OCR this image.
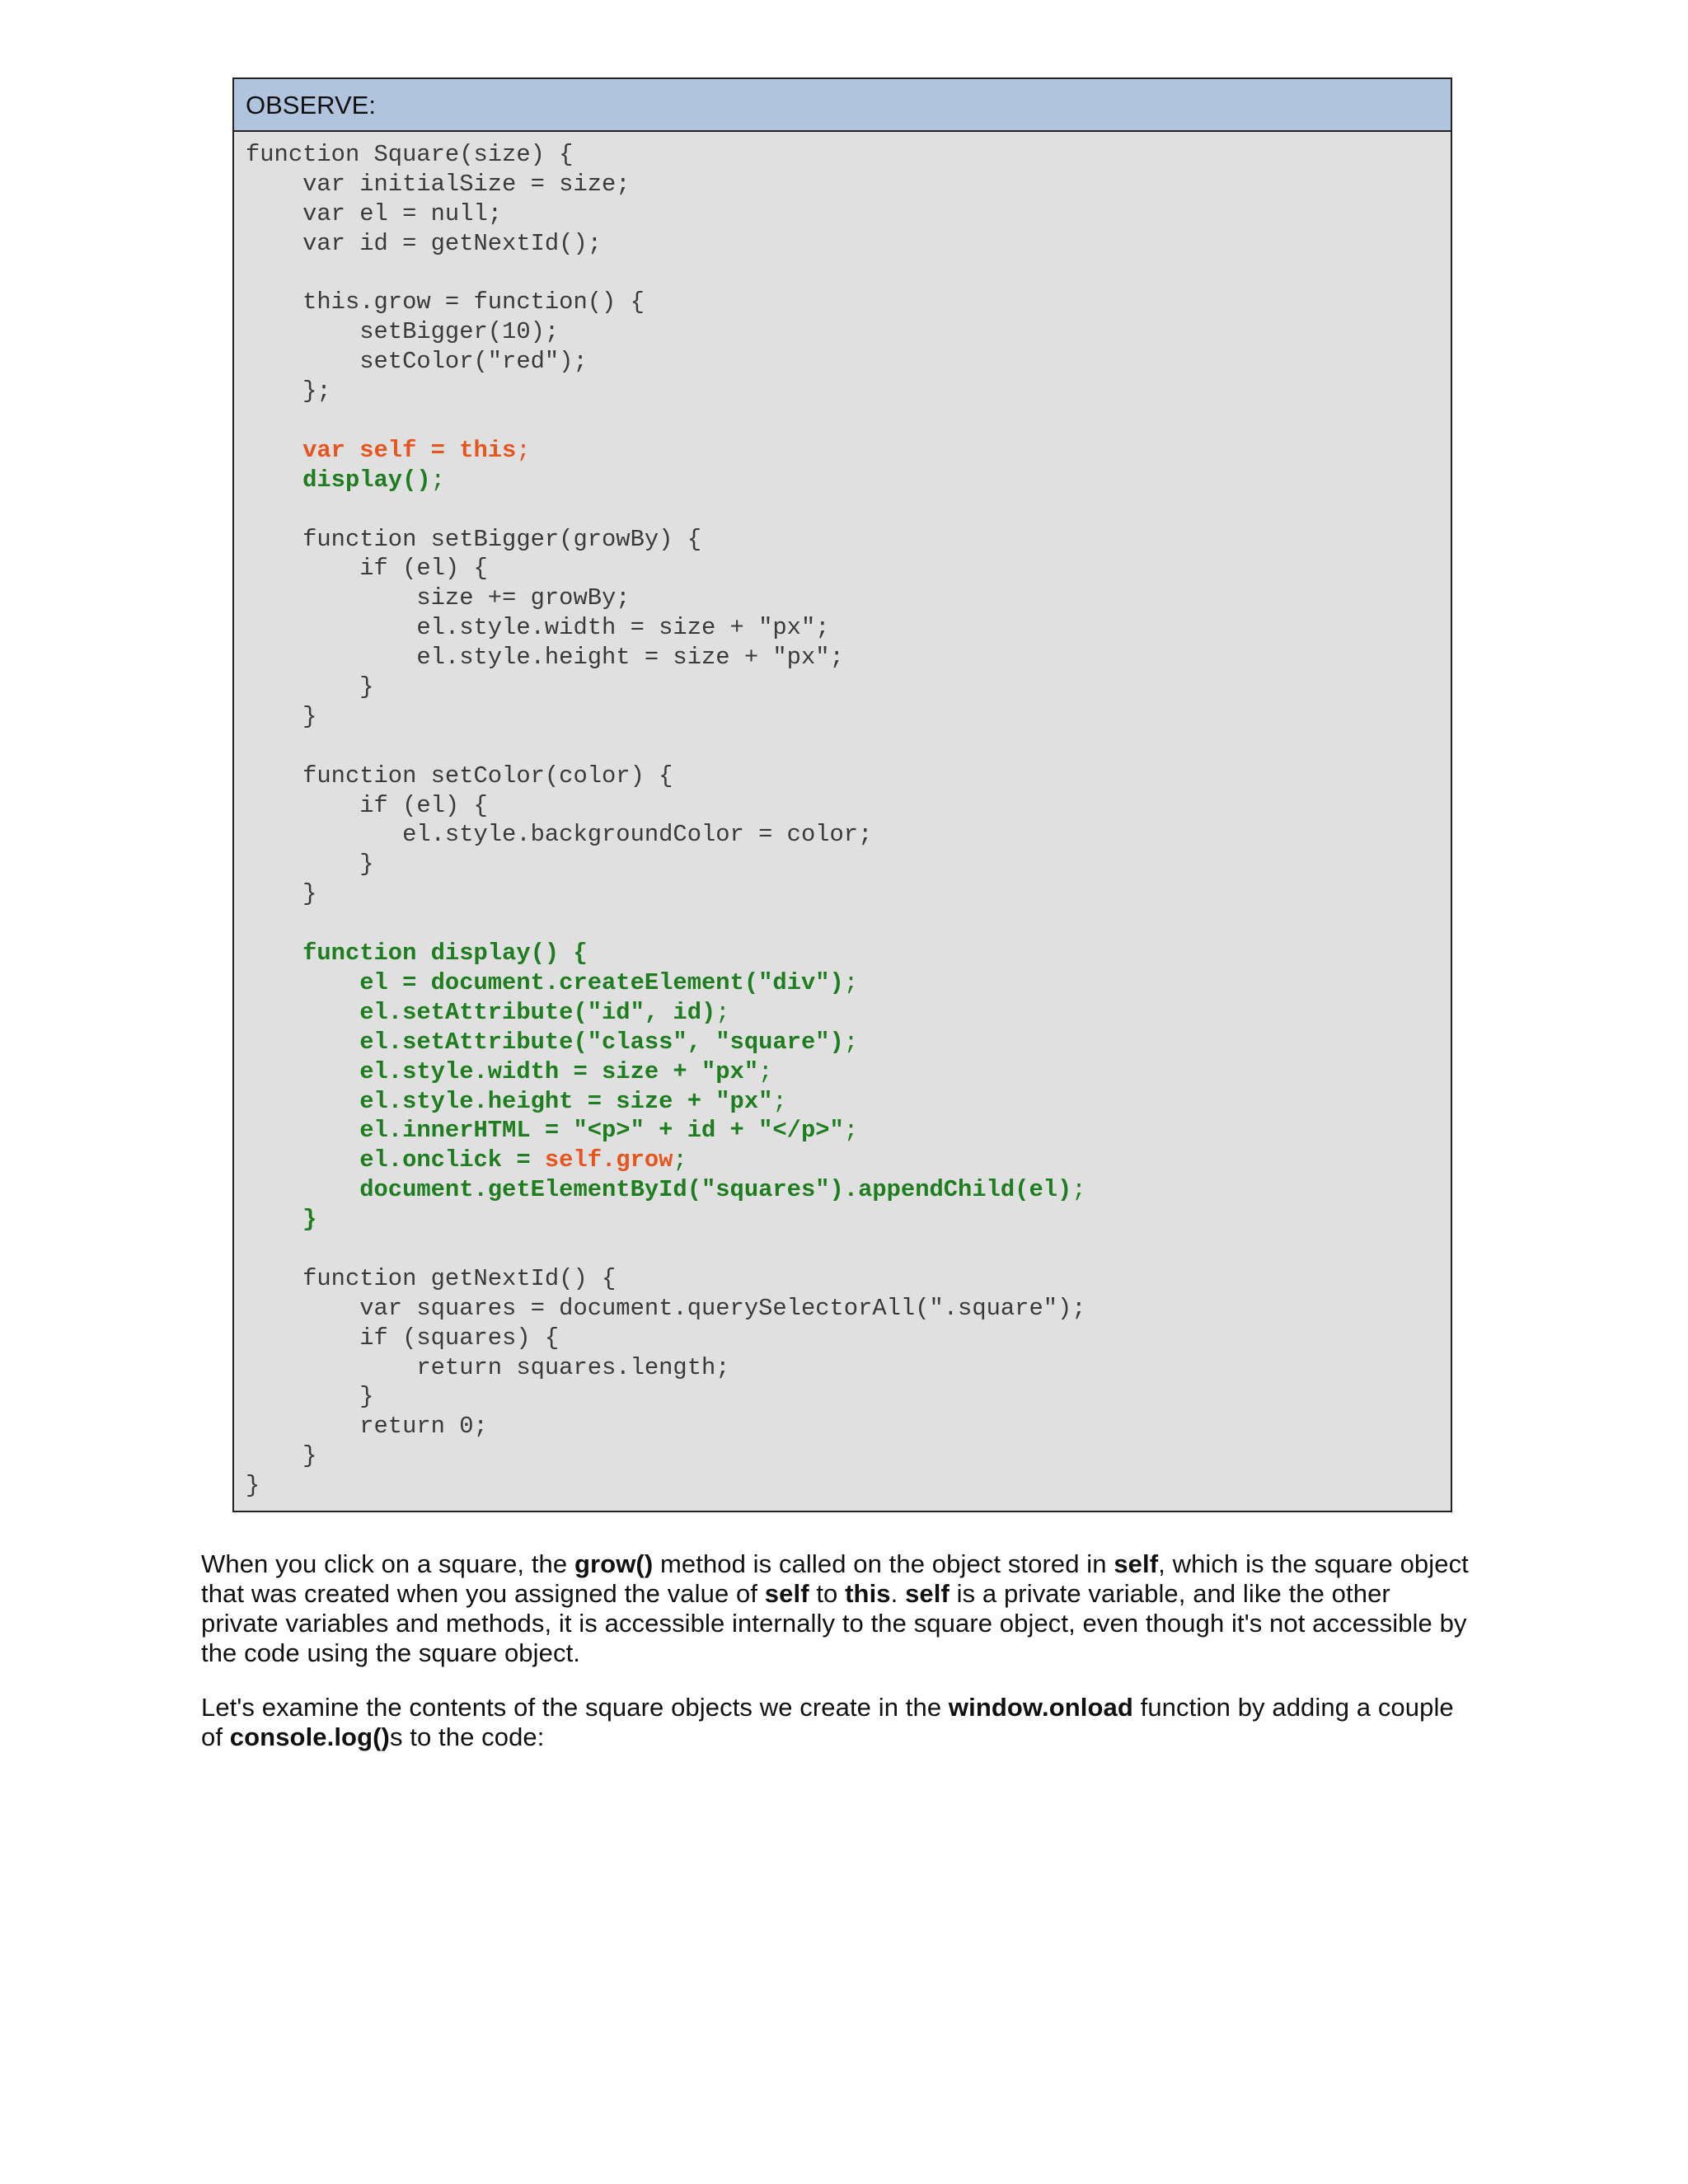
OBSERVE:
function Square(size) {
var initialSize = size;
var el = null;
var id = getNextId();
this.grow = function() {
setBigger(10);
setColor("red");
};
var self = this;
display();
function setBigger(growBy) {
if (el) {
size += growBy;
el.style.width = size + "px";
el.style.height = size + "px";
}
}
function setColor(color) {
if (el) {
el.style.backgroundColor = color;
}
}
function display() {
el = document.createElement("div");
el.setAttribute("id", id);
el.setAttribute("class", "square");
el.style.width = size + "px";
el.style.height = size + "px";
el.innerHTML = "<p>" + id + "</p>";
el.onclick = self.grow;
document.getElementById("squares").appendChild(el);
}
function getNextId() {
var squares = document.querySelectorAll(".square");
if (squares) {
return squares.length;
}
return 0;
}
}

When you click on a square, the grow() method is called on the object stored in self, which is the square object that was created when you assigned the value of self to this. self is a private variable, and like the other private variables and methods, it is accessible internally to the square object, even though it's not accessible by the code using the square object.

Let's examine the contents of the square objects we create in the window.onload function by adding a couple of console.log()s to the code:
